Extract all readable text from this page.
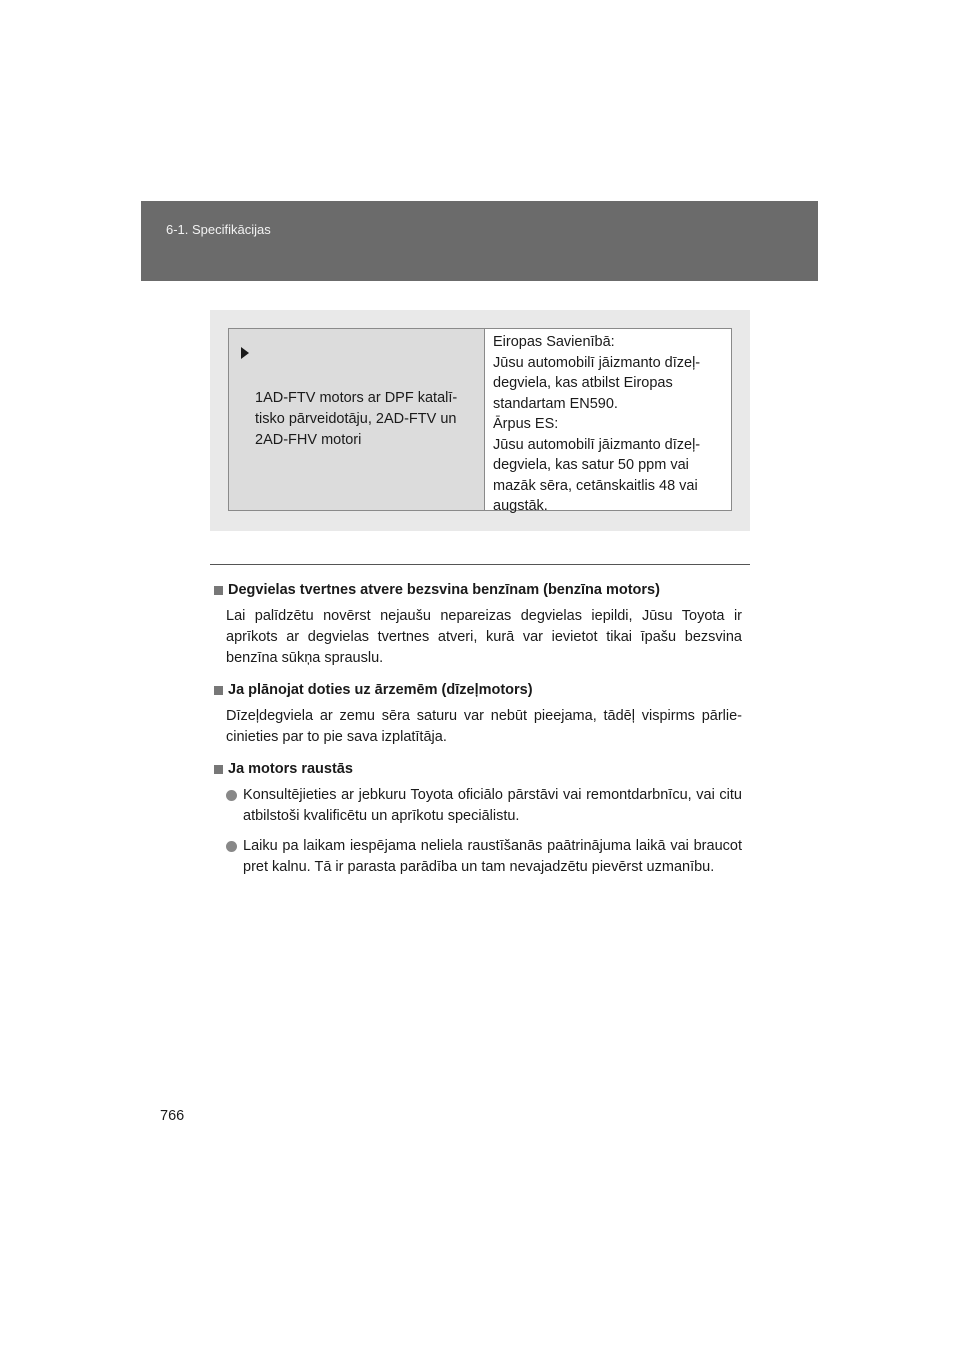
6-1. Specifikācijas
1AD-FTV motors ar DPF katalī-
tisko pārveidotāju, 2AD-FTV un
2AD-FHV motori
Eiropas Savienībā:
Jūsu automobilī jāizmanto dīzeļ-
degviela, kas atbilst Eiropas
standartam EN590.
Ārpus ES:
Jūsu automobilī jāizmanto dīzeļ-
degviela, kas satur 50 ppm vai
mazāk sēra, cetānskaitlis 48 vai
augstāk.
Degvielas tvertnes atvere bezsvina benzīnam (benzīna motors)
Lai palīdzētu novērst nejaušu nepareizas degvielas iepildi, Jūsu Toyota ir aprīkots ar degvielas tvertnes atveri, kurā var ievietot tikai īpašu bezsvina benzīna sūkņa sprauslu.
Ja plānojat doties uz ārzemēm (dīzeļmotors)
Dīzeļdegviela ar zemu sēra saturu var nebūt pieejama, tādēļ vispirms pārliecinieties par to pie sava izplatītāja.
Ja motors raustās
Konsultējieties ar jebkuru Toyota oficiālo pārstāvi vai remontdarbnīcu, vai citu atbilstoši kvalificētu un aprīkotu speciālistu.
Laiku pa laikam iespējama neliela raustīšanās paātrinājuma laikā vai braucot pret kalnu. Tā ir parasta parādība un tam nevajadzētu pievērst uzmanību.
766
